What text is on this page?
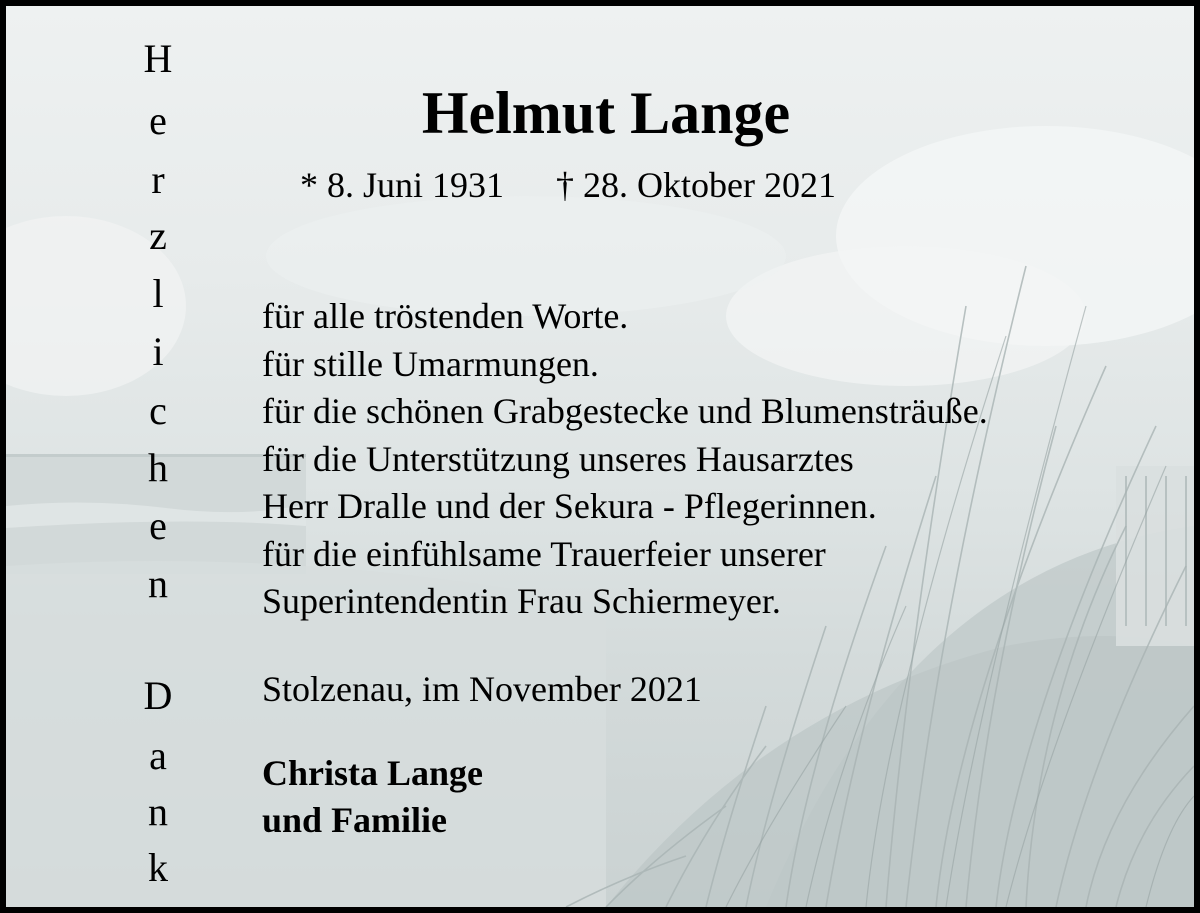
H
e
r
z
l
i
c
h
e
n
D
a
n
k
Helmut Lange
* 8. Juni 1931 † 28. Oktober 2021
für alle tröstenden Worte.
für stille Umarmungen.
für die schönen Grabgestecke und Blumensträuße.
für die Unterstützung unseres Hausarztes
Herr Dralle und der Sekura - Pflegerinnen.
für die einfühlsame Trauerfeier unserer
Superintendentin Frau Schiermeyer.
Stolzenau, im November 2021
Christa Lange
und Familie
